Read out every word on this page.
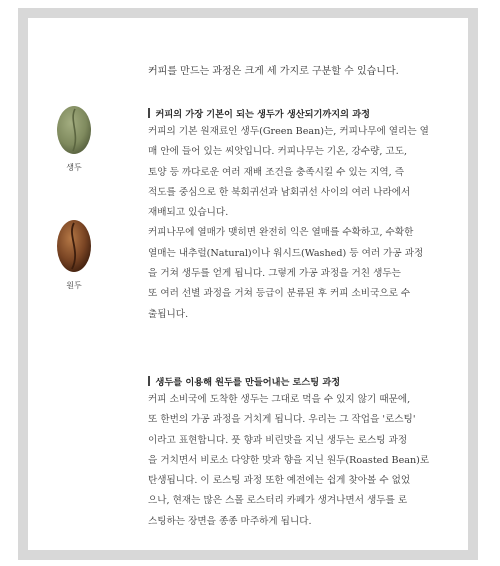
생두
원두
커피를 만드는 과정은 크게 세 가지로 구분할 수 있습니다.
커피의 가장 기본이 되는 생두가 생산되기까지의 과정
커피의 기본 원재료인 생두(Green Bean)는, 커피나무에 열리는 열
매 안에 들어 있는 씨앗입니다. 커피나무는 기온, 강수량, 고도,
토양 등 까다로운 여러 재배 조건을 충족시킬 수 있는 지역, 즉
적도를 중심으로 한 북회귀선과 남회귀선 사이의 여러 나라에서
재배되고 있습니다.
커피나무에 열매가 맺히면 완전히 익은 열매를 수확하고, 수확한
열매는 내추럴(Natural)이나 워시드(Washed) 등 여러 가공 과정
을 거쳐 생두를 얻게 됩니다. 그렇게 가공 과정을 거친 생두는
또 여러 선별 과정을 거쳐 등급이 분류된 후 커피 소비국으로 수
출됩니다.
생두를 이용해 원두를 만들어내는 로스팅 과정
커피 소비국에 도착한 생두는 그대로 먹을 수 있지 않기 때문에,
또 한번의 가공 과정을 거치게 됩니다. 우리는 그 작업을 '로스팅'
이라고 표현합니다. 풋 향과 비린맛을 지닌 생두는 로스팅 과정
을 거치면서 비로소 다양한 맛과 향을 지닌 원두(Roasted Bean)로
탄생됩니다. 이 로스팅 과정 또한 예전에는 쉽게 찾아볼 수 없었
으나, 현재는 많은 스몰 로스터리 카페가 생겨나면서 생두를 로
스팅하는 장면을 종종 마주하게 됩니다.
